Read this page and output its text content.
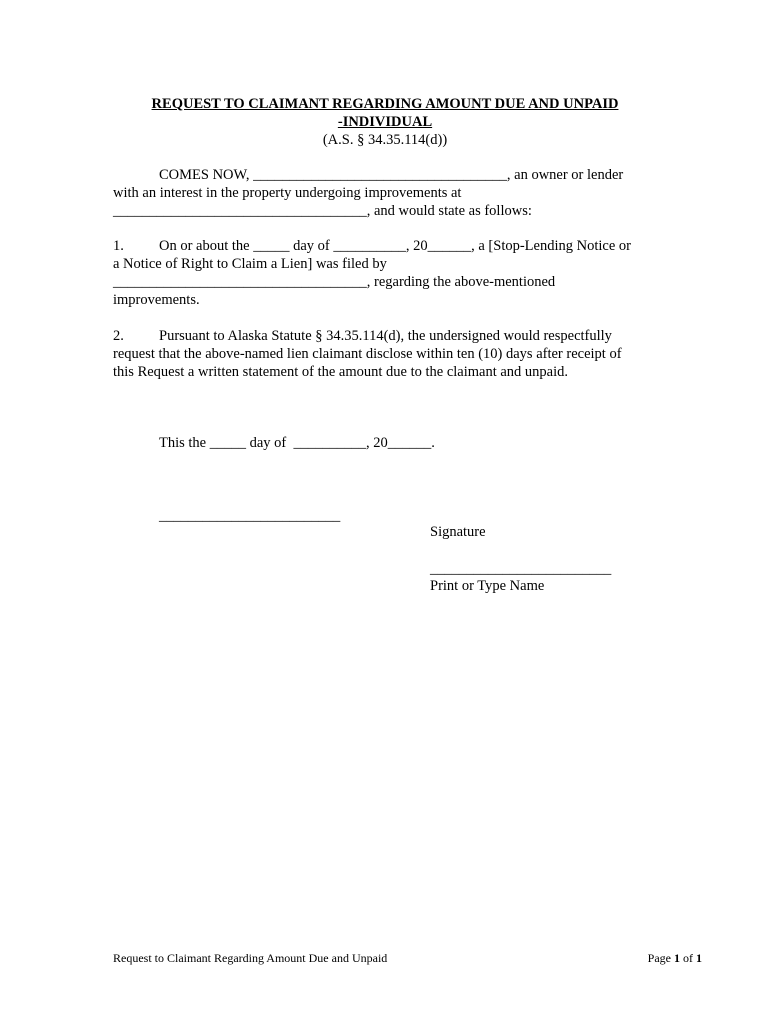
REQUEST TO CLAIMANT REGARDING AMOUNT DUE AND UNPAID
-INDIVIDUAL
(A.S. § 34.35.114(d))
COMES NOW, ___________________________________, an owner or lender
with an interest in the property undergoing improvements at
___________________________________, and would state as follows:
1. On or about the _____ day of __________, 20______, a [Stop-Lending Notice or
a Notice of Right to Claim a Lien] was filed by
___________________________________, regarding the above-mentioned
improvements.
2. Pursuant to Alaska Statute § 34.35.114(d), the undersigned would respectfully
request that the above-named lien claimant disclose within ten (10) days after receipt of
this Request a written statement of the amount due to the claimant and unpaid.
This the _____ day of  __________, 20______.
_________________________
Signature
_________________________
Print or Type Name
Request to Claimant Regarding Amount Due and Unpaid	Page 1 of 1
